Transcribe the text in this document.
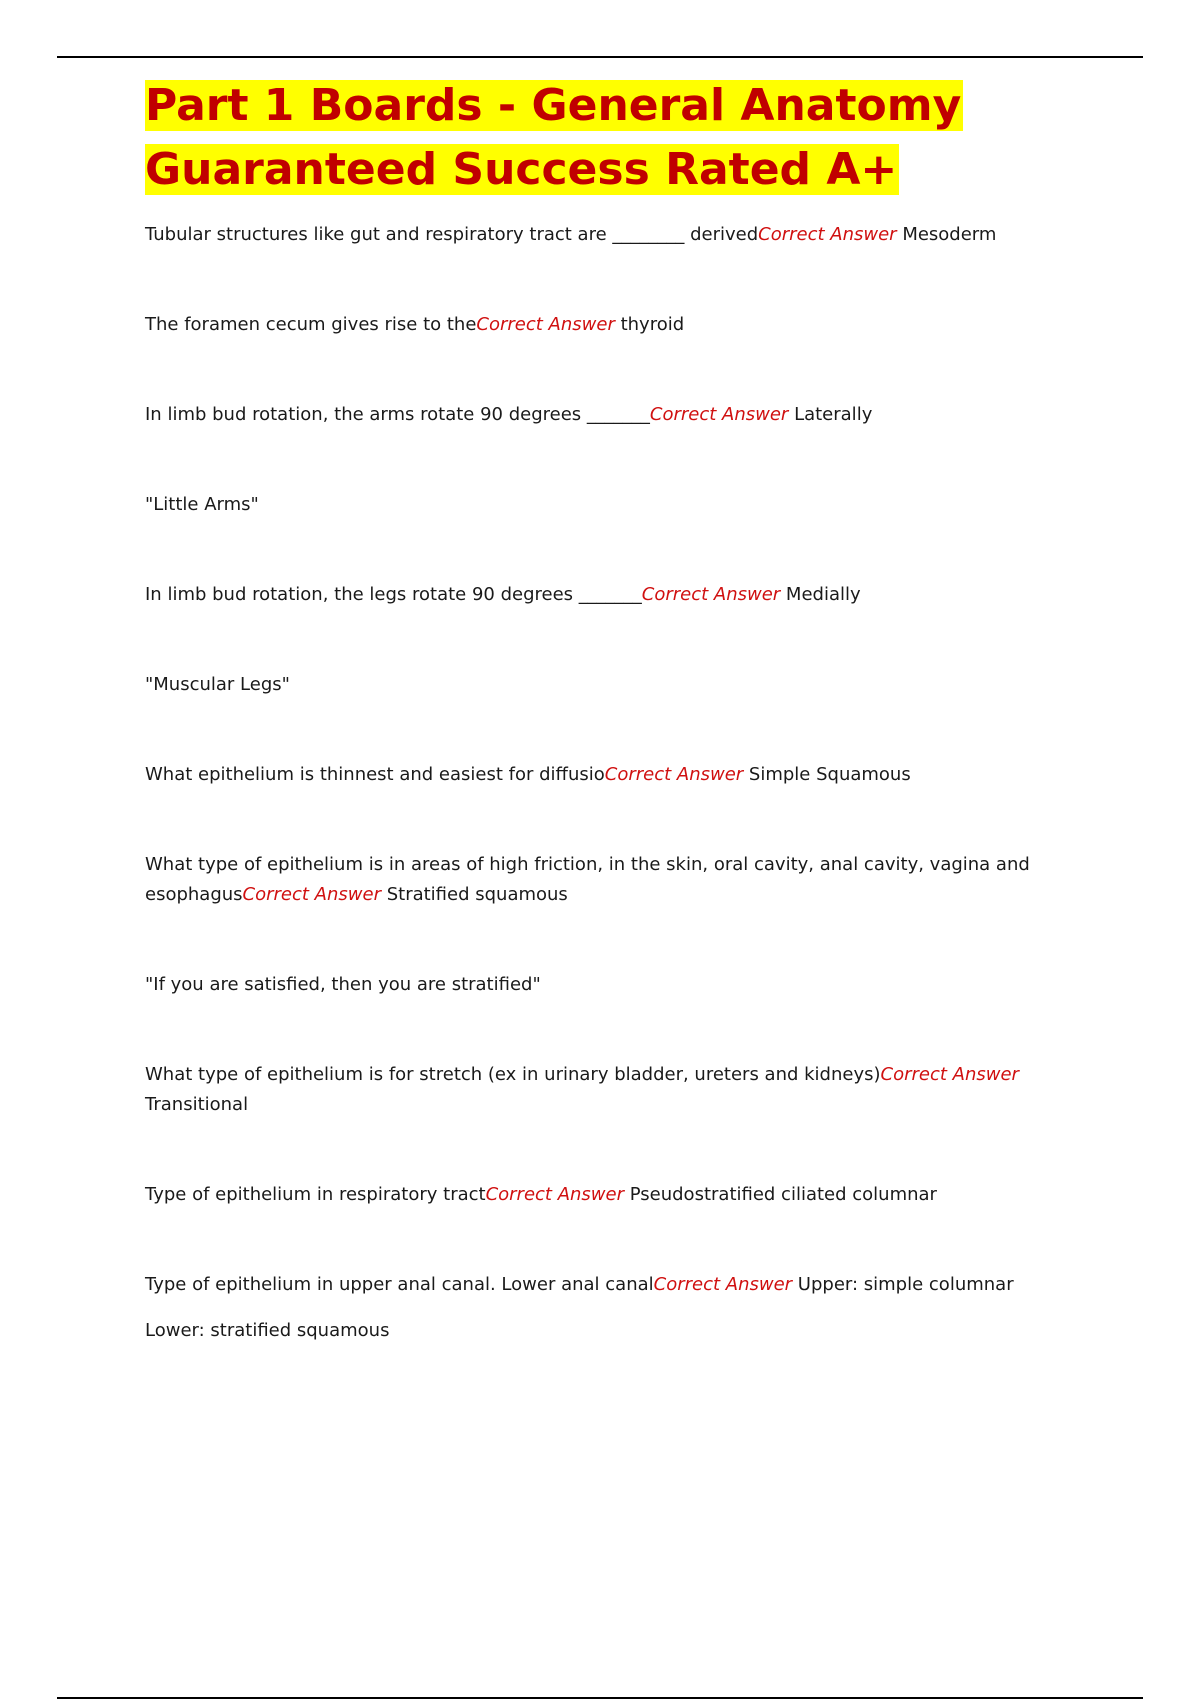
Part 1 Boards - General Anatomy
Guaranteed Success Rated A+
Tubular structures like gut and respiratory tract are ________ derivedCorrect Answer Mesoderm
The foramen cecum gives rise to theCorrect Answer thyroid
In limb bud rotation, the arms rotate 90 degrees _______Correct Answer Laterally
"Little Arms"
In limb bud rotation, the legs rotate 90 degrees _______Correct Answer Medially
"Muscular Legs"
What epithelium is thinnest and easiest for diffusioCorrect Answer Simple Squamous
What type of epithelium is in areas of high friction, in the skin, oral cavity, anal cavity, vagina and esophagusCorrect Answer Stratified squamous
"If you are satisfied, then you are stratified"
What type of epithelium is for stretch (ex in urinary bladder, ureters and kidneys)Correct Answer Transitional
Type of epithelium in respiratory tractCorrect Answer Pseudostratified ciliated columnar
Type of epithelium in upper anal canal. Lower anal canalCorrect Answer Upper: simple columnar
Lower: stratified squamous
